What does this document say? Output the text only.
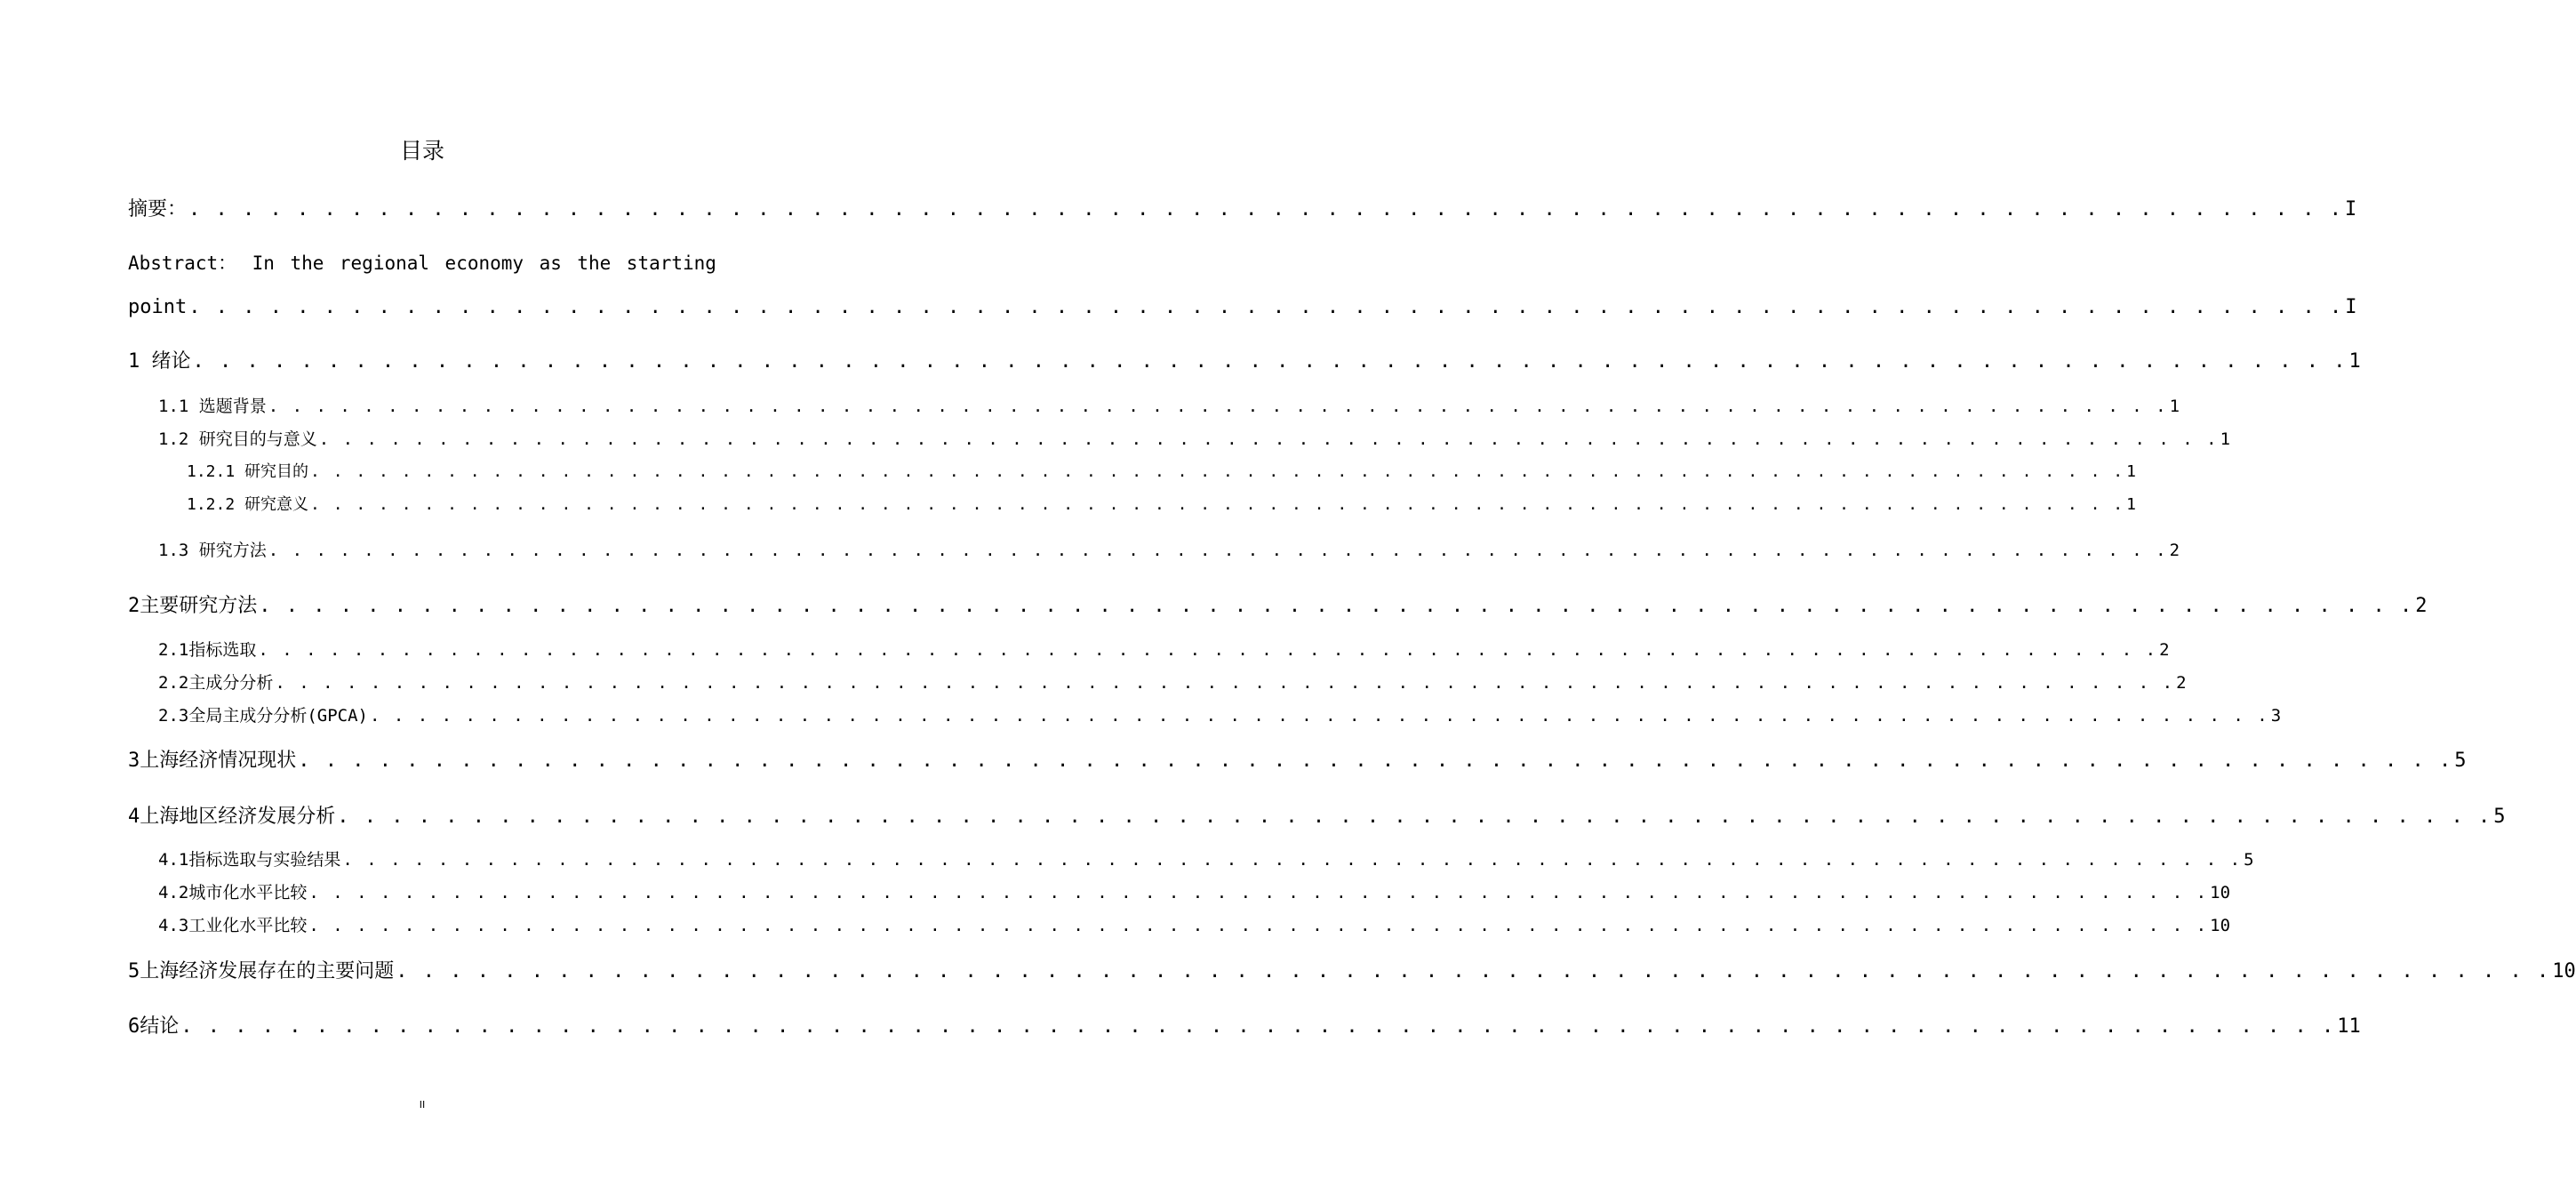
目录
Abstract： In the regional economy as the starting
摘要： . . . . . . . . . . . . . . . . . . . . . . . . . . . . . . . . . . . . . . . . . . . . . . . . . . . . . . . . . . . . . . . . . . . . . . . . . . . . . . . . I
point . . . . . . . . . . . . . . . . . . . . . . . . . . . . . . . . . . . . . . . . . . . . . . . . . . . . . . . . . . . . . . . . . . . . . . . . . . . . . . . . I
1 绪论 . . . . . . . . . . . . . . . . . . . . . . . . . . . . . . . . . . . . . . . . . . . . . . . . . . . . . . . . . . . . . . . . . . . . . . . . . . . . . . . . 1
1.1 选题背景 . . . . . . . . . . . . . . . . . . . . . . . . . . . . . . . . . . . . . . . . . . . . . . . . . . . . . . . . . . . . . . . . . . . . . . . . . . . . . . . . 1
1.2 研究目的与意义 . . . . . . . . . . . . . . . . . . . . . . . . . . . . . . . . . . . . . . . . . . . . . . . . . . . . . . . . . . . . . . . . . . . . . . . . . . . . . . . . 1
1.2.1 研究目的 . . . . . . . . . . . . . . . . . . . . . . . . . . . . . . . . . . . . . . . . . . . . . . . . . . . . . . . . . . . . . . . . . . . . . . . . . . . . . . . . 1
1.2.2 研究意义 . . . . . . . . . . . . . . . . . . . . . . . . . . . . . . . . . . . . . . . . . . . . . . . . . . . . . . . . . . . . . . . . . . . . . . . . . . . . . . . . 1
1.3 研究方法 . . . . . . . . . . . . . . . . . . . . . . . . . . . . . . . . . . . . . . . . . . . . . . . . . . . . . . . . . . . . . . . . . . . . . . . . . . . . . . . . 2
2主要研究方法 . . . . . . . . . . . . . . . . . . . . . . . . . . . . . . . . . . . . . . . . . . . . . . . . . . . . . . . . . . . . . . . . . . . . . . . . . . . . . . . . 2
2.1指标选取 . . . . . . . . . . . . . . . . . . . . . . . . . . . . . . . . . . . . . . . . . . . . . . . . . . . . . . . . . . . . . . . . . . . . . . . . . . . . . . . . 2
2.2主成分分析 . . . . . . . . . . . . . . . . . . . . . . . . . . . . . . . . . . . . . . . . . . . . . . . . . . . . . . . . . . . . . . . . . . . . . . . . . . . . . . . . 2
2.3全局主成分分析(GPCA) . . . . . . . . . . . . . . . . . . . . . . . . . . . . . . . . . . . . . . . . . . . . . . . . . . . . . . . . . . . . . . . . . . . . . . . . . . . . . . . . 3
3上海经济情况现状 . . . . . . . . . . . . . . . . . . . . . . . . . . . . . . . . . . . . . . . . . . . . . . . . . . . . . . . . . . . . . . . . . . . . . . . . . . . . . . . . 5
4上海地区经济发展分析 . . . . . . . . . . . . . . . . . . . . . . . . . . . . . . . . . . . . . . . . . . . . . . . . . . . . . . . . . . . . . . . . . . . . . . . . . . . . . . . . 5
4.1指标选取与实验结果 . . . . . . . . . . . . . . . . . . . . . . . . . . . . . . . . . . . . . . . . . . . . . . . . . . . . . . . . . . . . . . . . . . . . . . . . . . . . . . . . 5
4.2城市化水平比较 . . . . . . . . . . . . . . . . . . . . . . . . . . . . . . . . . . . . . . . . . . . . . . . . . . . . . . . . . . . . . . . . . . . . . . . . . . . . . . . . 10
4.3工业化水平比较 . . . . . . . . . . . . . . . . . . . . . . . . . . . . . . . . . . . . . . . . . . . . . . . . . . . . . . . . . . . . . . . . . . . . . . . . . . . . . . . . 10
5上海经济发展存在的主要问题 . . . . . . . . . . . . . . . . . . . . . . . . . . . . . . . . . . . . . . . . . . . . . . . . . . . . . . . . . . . . . . . . . . . . . . . . . . . . . . . . 10
6结论 . . . . . . . . . . . . . . . . . . . . . . . . . . . . . . . . . . . . . . . . . . . . . . . . . . . . . . . . . . . . . . . . . . . . . . . . . . . . . . . . 11
II
